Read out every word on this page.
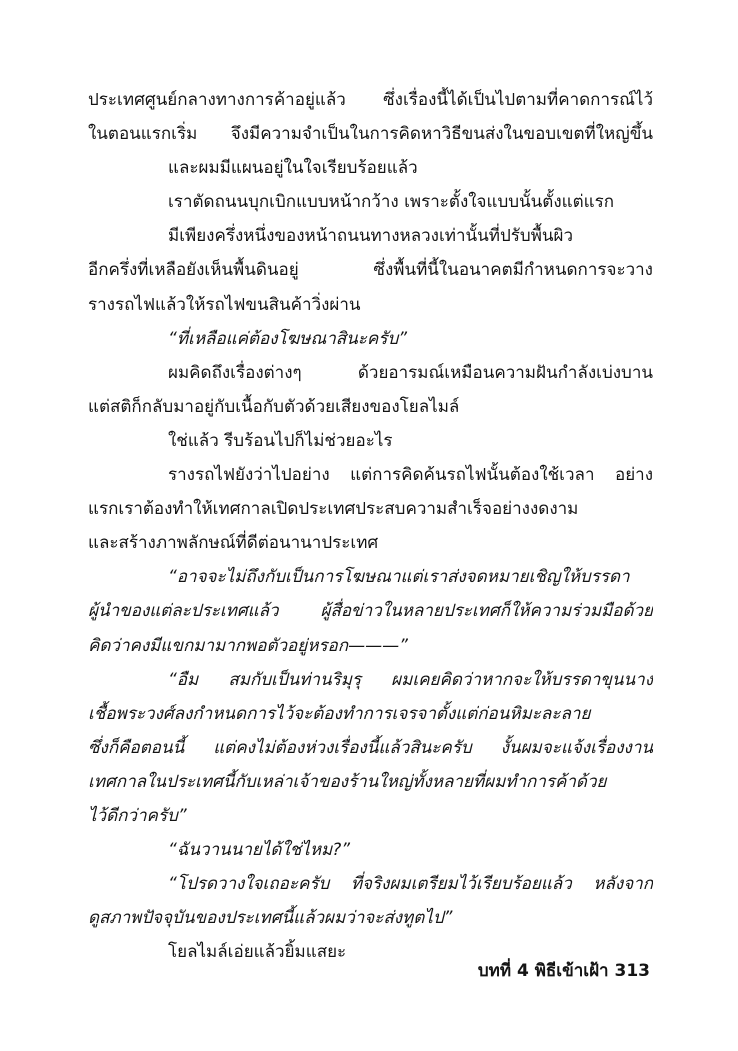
ประเทศศูนย์กลางทางการค้าอยู่แล้ว ซึ่งเรื่องนี้ได้เป็นไปตามที่คาดการณ์ไว้
ในตอนแรกเริ่ม จึงมีความจำเป็นในการคิดหาวิธีขนส่งในขอบเขตที่ใหญ่ขึ้น
และผมมีแผนอยู่ในใจเรียบร้อยแล้ว
เราตัดถนนบุกเบิกแบบหน้ากว้าง เพราะตั้งใจแบบนั้นตั้งแต่แรก
มีเพียงครึ่งหนึ่งของหน้าถนนทางหลวงเท่านั้นที่ปรับพื้นผิว
อีกครึ่งที่เหลือยังเห็นพื้นดินอยู่ ซึ่งพื้นที่นี้ในอนาคตมีกำหนดการจะวาง
รางรถไฟแล้วให้รถไฟขนสินค้าวิ่งผ่าน
“ที่เหลือแค่ต้องโฆษณาสินะครับ”
ผมคิดถึงเรื่องต่างๆ ด้วยอารมณ์เหมือนความฝันกำลังเบ่งบาน
แต่สติก็กลับมาอยู่กับเนื้อกับตัวด้วยเสียงของโยลไมล์
ใช่แล้ว รีบร้อนไปก็ไม่ช่วยอะไร
รางรถไฟยังว่าไปอย่าง แต่การคิดค้นรถไฟนั้นต้องใช้เวลา อย่าง
แรกเราต้องทำให้เทศกาลเปิดประเทศประสบความสำเร็จอย่างงดงาม
และสร้างภาพลักษณ์ที่ดีต่อนานาประเทศ
“อาจจะไม่ถึงกับเป็นการโฆษณาแต่เราส่งจดหมายเชิญให้บรรดา
ผู้นำของแต่ละประเทศแล้ว ผู้สื่อข่าวในหลายประเทศก็ให้ความร่วมมือด้วย
คิดว่าคงมีแขกมามากพอตัวอยู่หรอก———”
“อืม สมกับเป็นท่านริมุรุ ผมเคยคิดว่าหากจะให้บรรดาขุนนาง
เชื้อพระวงศ์ลงกำหนดการไว้จะต้องทำการเจรจาตั้งแต่ก่อนหิมะละลาย
ซึ่งก็คือตอนนี้ แต่คงไม่ต้องห่วงเรื่องนี้แล้วสินะครับ งั้นผมจะแจ้งเรื่องงาน
เทศกาลในประเทศนี้กับเหล่าเจ้าของร้านใหญ่ทั้งหลายที่ผมทำการค้าด้วย
ไว้ดีกว่าครับ”
“ฉันวานนายได้ใช่ไหม?”
“โปรดวางใจเถอะครับ ที่จริงผมเตรียมไว้เรียบร้อยแล้ว หลังจาก
ดูสภาพปัจจุบันของประเทศนี้แล้วผมว่าจะส่งทูตไป”
โยลไมล์เอ่ยแล้วยิ้มแสยะ
บทที่ 4 พิธีเข้าเฝ้า 313
